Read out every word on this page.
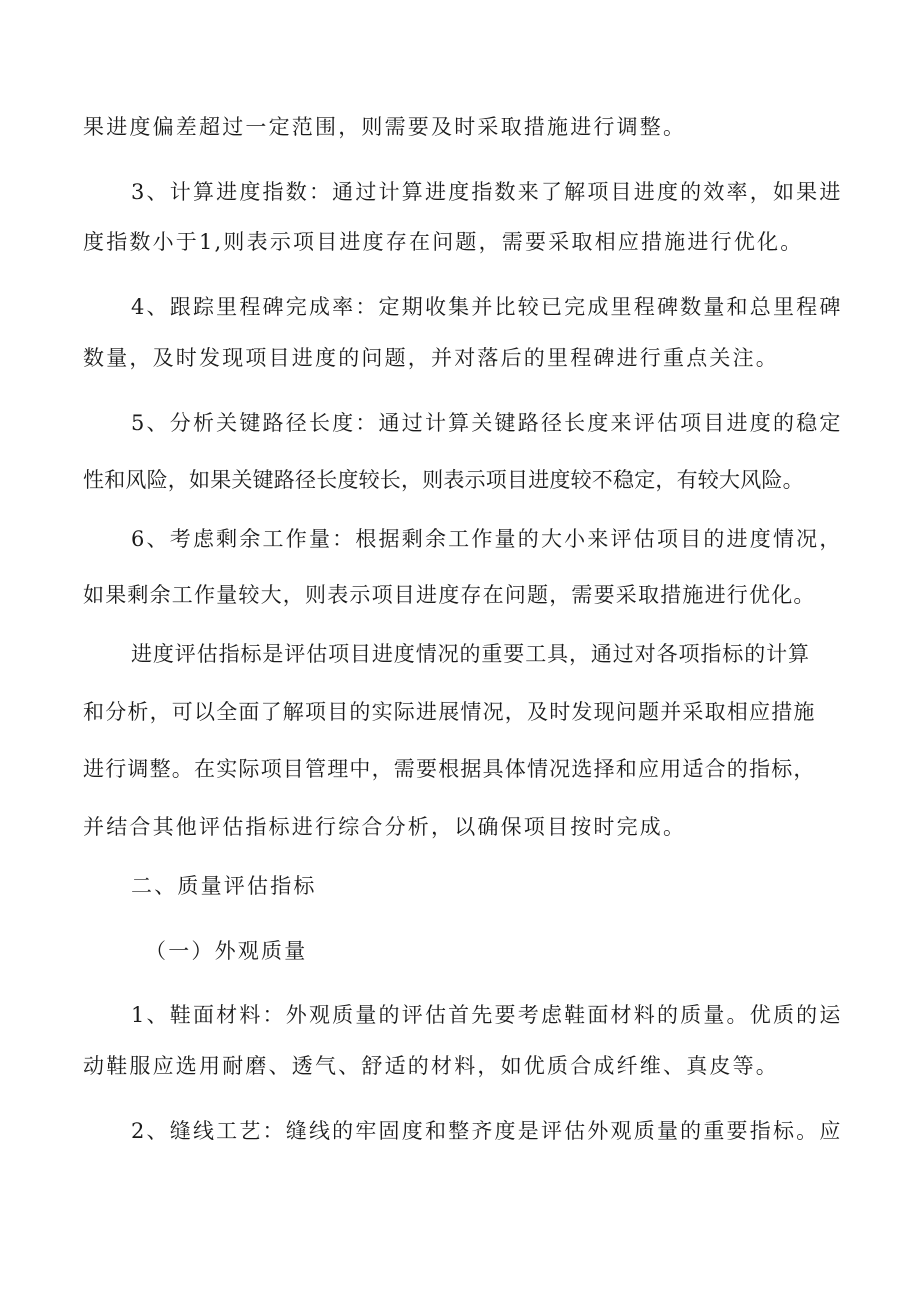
果进度偏差超过一定范围，则需要及时采取措施进行调整。
3、计算进度指数：通过计算进度指数来了解项目进度的效率，如果进
度指数小于1,则表示项目进度存在问题，需要采取相应措施进行优化。
4、跟踪里程碑完成率：定期收集并比较已完成里程碑数量和总里程碑
数量，及时发现项目进度的问题，并对落后的里程碑进行重点关注。
5、分析关键路径长度：通过计算关键路径长度来评估项目进度的稳定
性和风险，如果关键路径长度较长，则表示项目进度较不稳定，有较大风险。
6、考虑剩余工作量：根据剩余工作量的大小来评估项目的进度情况，
如果剩余工作量较大，则表示项目进度存在问题，需要采取措施进行优化。
进度评估指标是评估项目进度情况的重要工具，通过对各项指标的计算
和分析，可以全面了解项目的实际进展情况，及时发现问题并采取相应措施
进行调整。在实际项目管理中，需要根据具体情况选择和应用适合的指标，
并结合其他评估指标进行综合分析，以确保项目按时完成。
二、质量评估指标
（一）外观质量
1、鞋面材料：外观质量的评估首先要考虑鞋面材料的质量。优质的运
动鞋服应选用耐磨、透气、舒适的材料，如优质合成纤维、真皮等。
2、缝线工艺：缝线的牢固度和整齐度是评估外观质量的重要指标。应
